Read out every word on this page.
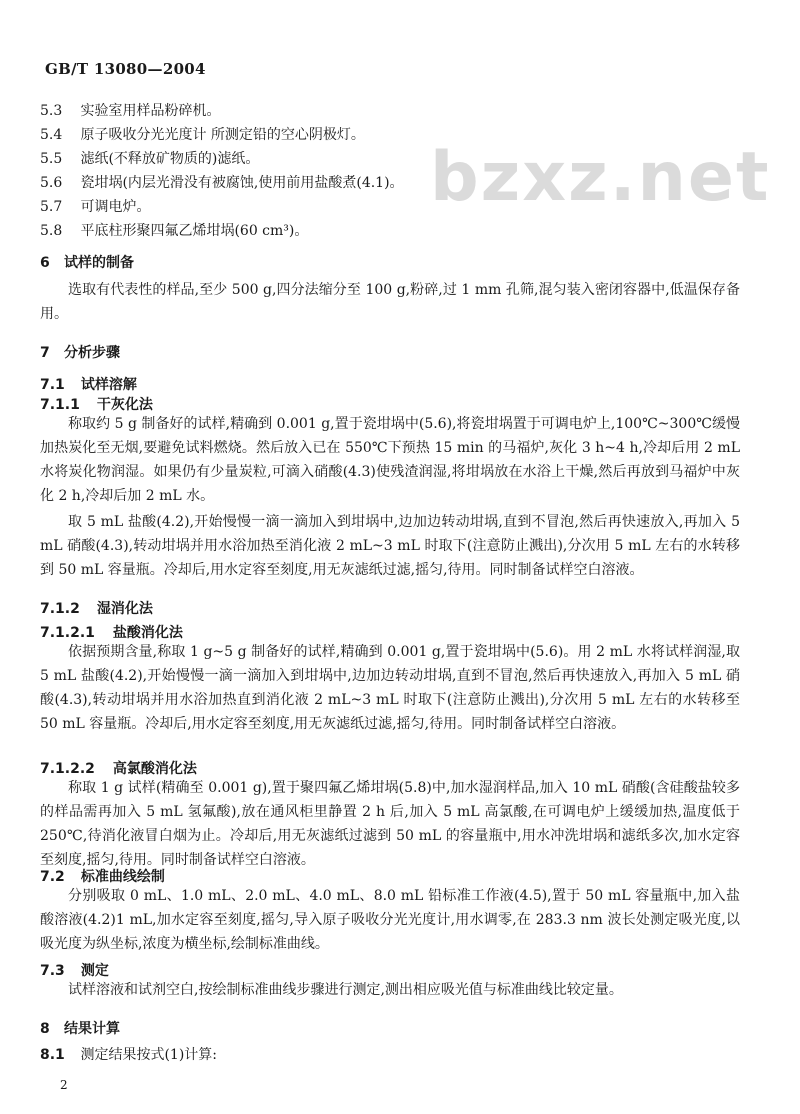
GB/T 13080—2004
bzxz.net
5.3 实验室用样品粉碎机。
5.4 原子吸收分光光度计 所测定铅的空心阴极灯。
5.5 滤纸(不释放矿物质的)滤纸。
5.6 瓷坩埚(内层光滑没有被腐蚀,使用前用盐酸煮(4.1)。
5.7 可调电炉。
5.8 平底柱形聚四氟乙烯坩埚(60 cm³)。
6 试样的制备
选取有代表性的样品,至少 500 g,四分法缩分至 100 g,粉碎,过 1 mm 孔筛,混匀装入密闭容器中,低温保存备用。
7 分析步骤
7.1 试样溶解
7.1.1 干灰化法
称取约 5 g 制备好的试样,精确到 0.001 g,置于瓷坩埚中(5.6),将瓷坩埚置于可调电炉上,100℃~300℃缓慢加热炭化至无烟,要避免试料燃烧。然后放入已在 550℃下预热 15 min 的马福炉,灰化 3 h~4 h,冷却后用 2 mL 水将炭化物润湿。如果仍有少量炭粒,可滴入硝酸(4.3)使残渣润湿,将坩埚放在水浴上干燥,然后再放到马福炉中灰化 2 h,冷却后加 2 mL 水。
取 5 mL 盐酸(4.2),开始慢慢一滴一滴加入到坩埚中,边加边转动坩埚,直到不冒泡,然后再快速放入,再加入 5 mL 硝酸(4.3),转动坩埚并用水浴加热至消化液 2 mL~3 mL 时取下(注意防止溅出),分次用 5 mL 左右的水转移到 50 mL 容量瓶。冷却后,用水定容至刻度,用无灰滤纸过滤,摇匀,待用。同时制备试样空白溶液。
7.1.2 湿消化法
7.1.2.1 盐酸消化法
依据预期含量,称取 1 g~5 g 制备好的试样,精确到 0.001 g,置于瓷坩埚中(5.6)。用 2 mL 水将试样润湿,取 5 mL 盐酸(4.2),开始慢慢一滴一滴加入到坩埚中,边加边转动坩埚,直到不冒泡,然后再快速放入,再加入 5 mL 硝酸(4.3),转动坩埚并用水浴加热直到消化液 2 mL~3 mL 时取下(注意防止溅出),分次用 5 mL 左右的水转移至 50 mL 容量瓶。冷却后,用水定容至刻度,用无灰滤纸过滤,摇匀,待用。同时制备试样空白溶液。
7.1.2.2 高氯酸消化法
称取 1 g 试样(精确至 0.001 g),置于聚四氟乙烯坩埚(5.8)中,加水湿润样品,加入 10 mL 硝酸(含硅酸盐较多的样品需再加入 5 mL 氢氟酸),放在通风柜里静置 2 h 后,加入 5 mL 高氯酸,在可调电炉上缓缓加热,温度低于 250℃,待消化液冒白烟为止。冷却后,用无灰滤纸过滤到 50 mL 的容量瓶中,用水冲洗坩埚和滤纸多次,加水定容至刻度,摇匀,待用。同时制备试样空白溶液。
7.2 标准曲线绘制
分别吸取 0 mL、1.0 mL、2.0 mL、4.0 mL、8.0 mL 铅标准工作液(4.5),置于 50 mL 容量瓶中,加入盐酸溶液(4.2)1 mL,加水定容至刻度,摇匀,导入原子吸收分光光度计,用水调零,在 283.3 nm 波长处测定吸光度,以吸光度为纵坐标,浓度为横坐标,绘制标准曲线。
7.3 测定
试样溶液和试剂空白,按绘制标准曲线步骤进行测定,测出相应吸光值与标准曲线比较定量。
8 结果计算
8.1 测定结果按式(1)计算:
2
